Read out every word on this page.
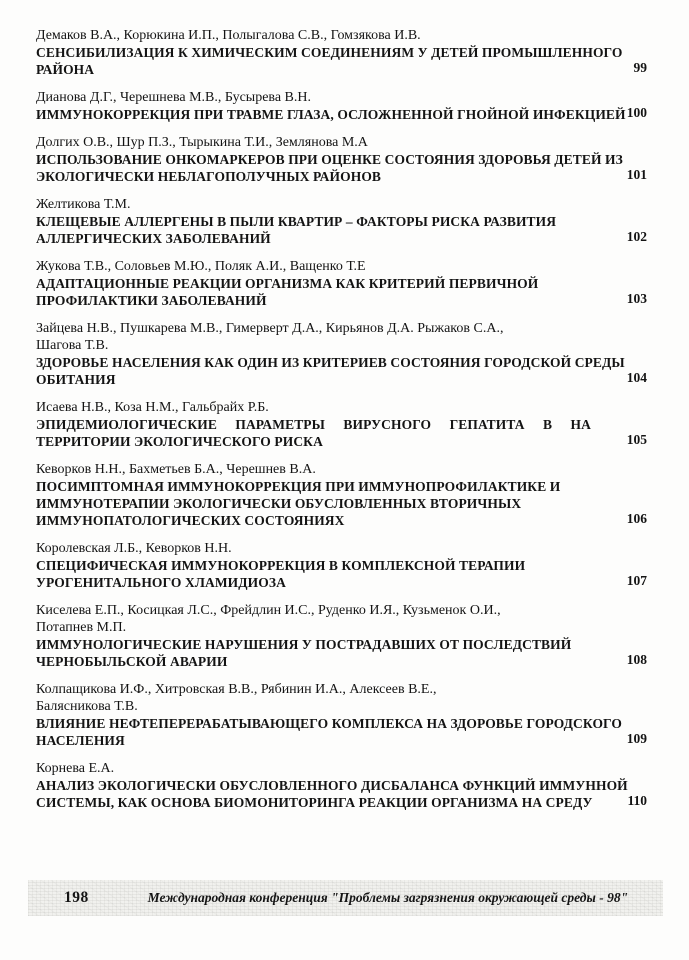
Демаков В.А., Корюкина И.П., Полыгалова С.В., Гомзякова И.В.
СЕНСИБИЛИЗАЦИЯ К ХИМИЧЕСКИМ СОЕДИНЕНИЯМ У ДЕТЕЙ ПРОМЫШЛЕННОГО
РАЙОНА	99
Дианова Д.Г., Черешнева М.В., Бусырева В.Н.
ИММУНОКОРРЕКЦИЯ ПРИ ТРАВМЕ ГЛАЗА, ОСЛОЖНЕННОЙ ГНОЙНОЙ ИНФЕКЦИЕЙ 100
Долгих О.В., Шур П.З., Тырыкина Т.И., Землянова М.А
ИСПОЛЬЗОВАНИЕ ОНКОМАРКЕРОВ ПРИ ОЦЕНКЕ СОСТОЯНИЯ ЗДОРОВЬЯ ДЕТЕЙ ИЗ
ЭКОЛОГИЧЕСКИ НЕБЛАГОПОЛУЧНЫХ РАЙОНОВ	101
Желтикова Т.М.
КЛЕЩЕВЫЕ АЛЛЕРГЕНЫ В ПЫЛИ КВАРТИР – ФАКТОРЫ РИСКА РАЗВИТИЯ
АЛЛЕРГИЧЕСКИХ ЗАБОЛЕВАНИЙ	102
Жукова Т.В., Соловьев М.Ю., Поляк А.И., Ващенко Т.Е
АДАПТАЦИОННЫЕ РЕАКЦИИ ОРГАНИЗМА КАК КРИТЕРИЙ ПЕРВИЧНОЙ
ПРОФИЛАКТИКИ ЗАБОЛЕВАНИЙ	103
Зайцева Н.В., Пушкарева М.В., Гимерверт Д.А., Кирьянов Д.А. Рыжаков С.А.,
Шагова Т.В.
ЗДОРОВЬЕ НАСЕЛЕНИЯ КАК ОДИН ИЗ КРИТЕРИЕВ СОСТОЯНИЯ ГОРОДСКОЙ СРЕДЫ
ОБИТАНИЯ	104
Исаева Н.В., Коза Н.М., Гальбрайх Р.Б.
ЭПИДЕМИОЛОГИЧЕСКИЕ ПАРАМЕТРЫ ВИРУСНОГО ГЕПАТИТА B НА
ТЕРРИТОРИИ ЭКОЛОГИЧЕСКОГО РИСКА	105
Кеворков Н.Н., Бахметьев Б.А., Черешнев В.А.
ПОСИМПТОМНАЯ ИММУНОКОРРЕКЦИЯ ПРИ ИММУНОПРОФИЛАКТИКЕ И
ИММУНОТЕРАПИИ ЭКОЛОГИЧЕСКИ ОБУСЛОВЛЕННЫХ ВТОРИЧНЫХ
ИММУНОПАТОЛОГИЧЕСКИХ СОСТОЯНИЯХ	106
Королевская Л.Б., Кеворков Н.Н.
СПЕЦИФИЧЕСКАЯ ИММУНОКОРРЕКЦИЯ В КОМПЛЕКСНОЙ ТЕРАПИИ
УРОГЕНИТАЛЬНОГО ХЛАМИДИОЗА	107
Киселева Е.П., Косицкая Л.С., Фрейдлин И.С., Руденко И.Я., Кузьменок О.И.,
Потапнев М.П.
ИММУНОЛОГИЧЕСКИЕ НАРУШЕНИЯ У ПОСТРАДАВШИХ ОТ ПОСЛЕДСТВИЙ
ЧЕРНОБЫЛЬСКОЙ АВАРИИ	108
Колпащикова И.Ф., Хитровская В.В., Рябинин И.А., Алексеев В.Е.,
Балясникова Т.В.
ВЛИЯНИЕ НЕФТЕПЕРЕРАБАТЫВАЮЩЕГО КОМПЛЕКСА НА ЗДОРОВЬЕ ГОРОДСКОГО
НАСЕЛЕНИЯ	109
Корнева Е.А.
АНАЛИЗ ЭКОЛОГИЧЕСКИ ОБУСЛОВЛЕННОГО ДИСБАЛАНСА ФУНКЦИЙ ИММУННОЙ
СИСТЕМЫ, КАК ОСНОВА БИОМОНИТОРИНГА РЕАКЦИИ ОРГАНИЗМА НА СРЕДУ	110
198	Международная конференция "Проблемы загрязнения окружающей среды - 98"
